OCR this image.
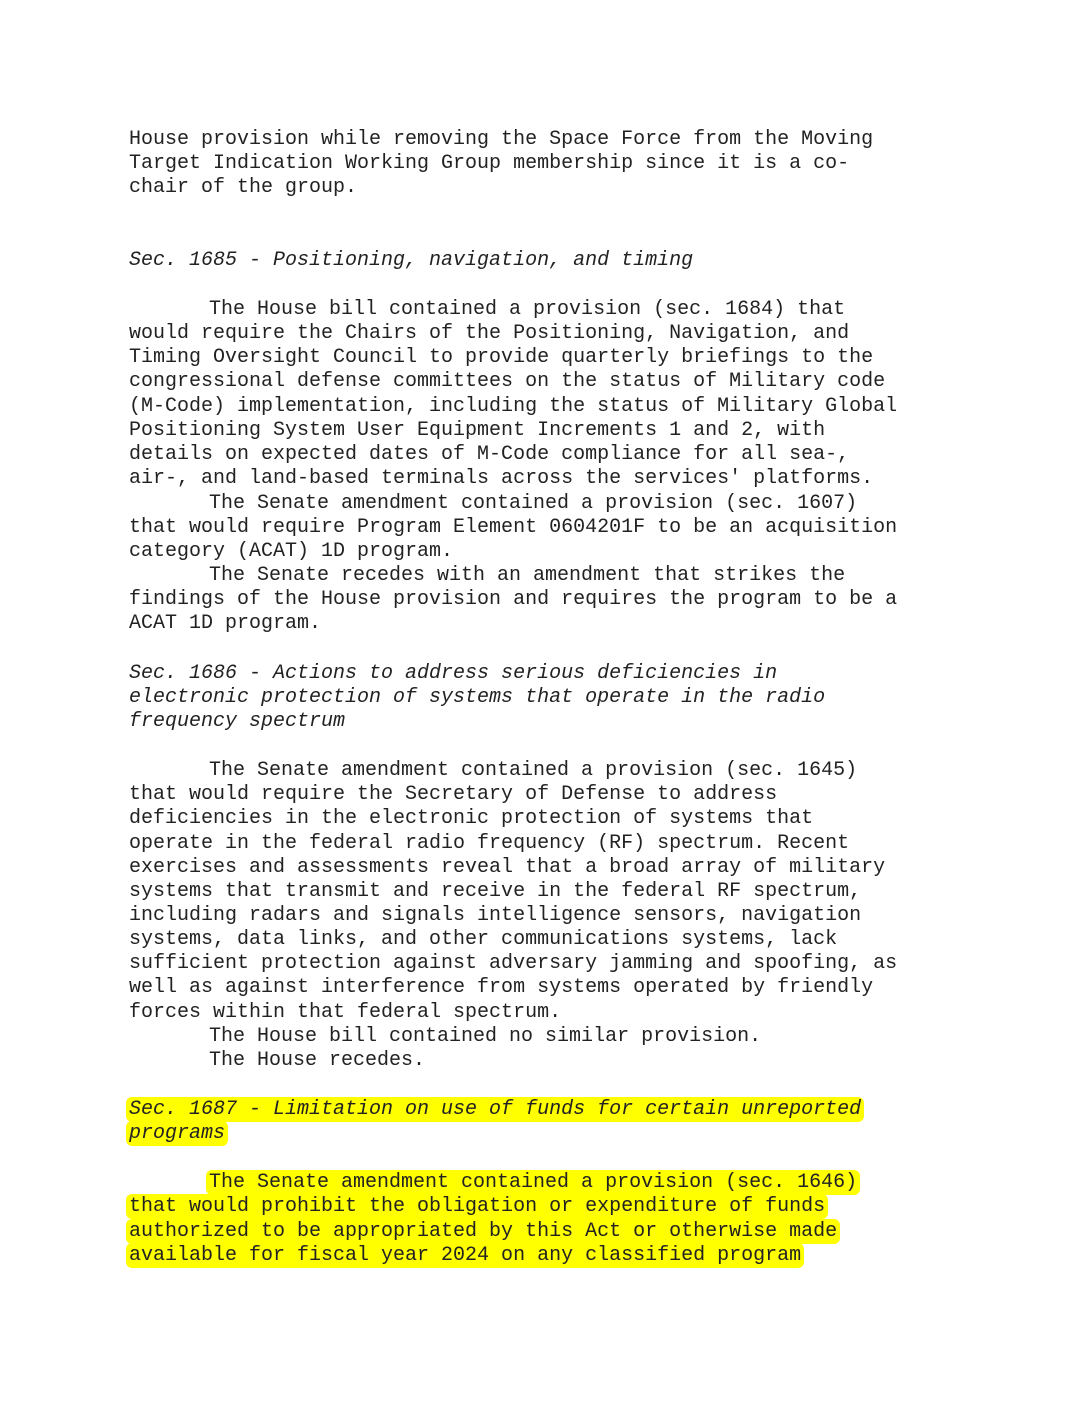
House provision while removing the Space Force from the Moving
Target Indication Working Group membership since it is a co-
chair of the group.
Sec. 1685 - Positioning, navigation, and timing
The House bill contained a provision (sec. 1684) that
would require the Chairs of the Positioning, Navigation, and
Timing Oversight Council to provide quarterly briefings to the
congressional defense committees on the status of Military code
(M-Code) implementation, including the status of Military Global
Positioning System User Equipment Increments 1 and 2, with
details on expected dates of M-Code compliance for all sea-,
air-, and land-based terminals across the services' platforms.
The Senate amendment contained a provision (sec. 1607)
that would require Program Element 0604201F to be an acquisition
category (ACAT) 1D program.
The Senate recedes with an amendment that strikes the
findings of the House provision and requires the program to be a
ACAT 1D program.
Sec. 1686 - Actions to address serious deficiencies in
electronic protection of systems that operate in the radio
frequency spectrum
The Senate amendment contained a provision (sec. 1645)
that would require the Secretary of Defense to address
deficiencies in the electronic protection of systems that
operate in the federal radio frequency (RF) spectrum. Recent
exercises and assessments reveal that a broad array of military
systems that transmit and receive in the federal RF spectrum,
including radars and signals intelligence sensors, navigation
systems, data links, and other communications systems, lack
sufficient protection against adversary jamming and spoofing, as
well as against interference from systems operated by friendly
forces within that federal spectrum.
The House bill contained no similar provision.
The House recedes.
Sec. 1687 - Limitation on use of funds for certain unreported
programs
The Senate amendment contained a provision (sec. 1646)
that would prohibit the obligation or expenditure of funds
authorized to be appropriated by this Act or otherwise made
available for fiscal year 2024 on any classified program
